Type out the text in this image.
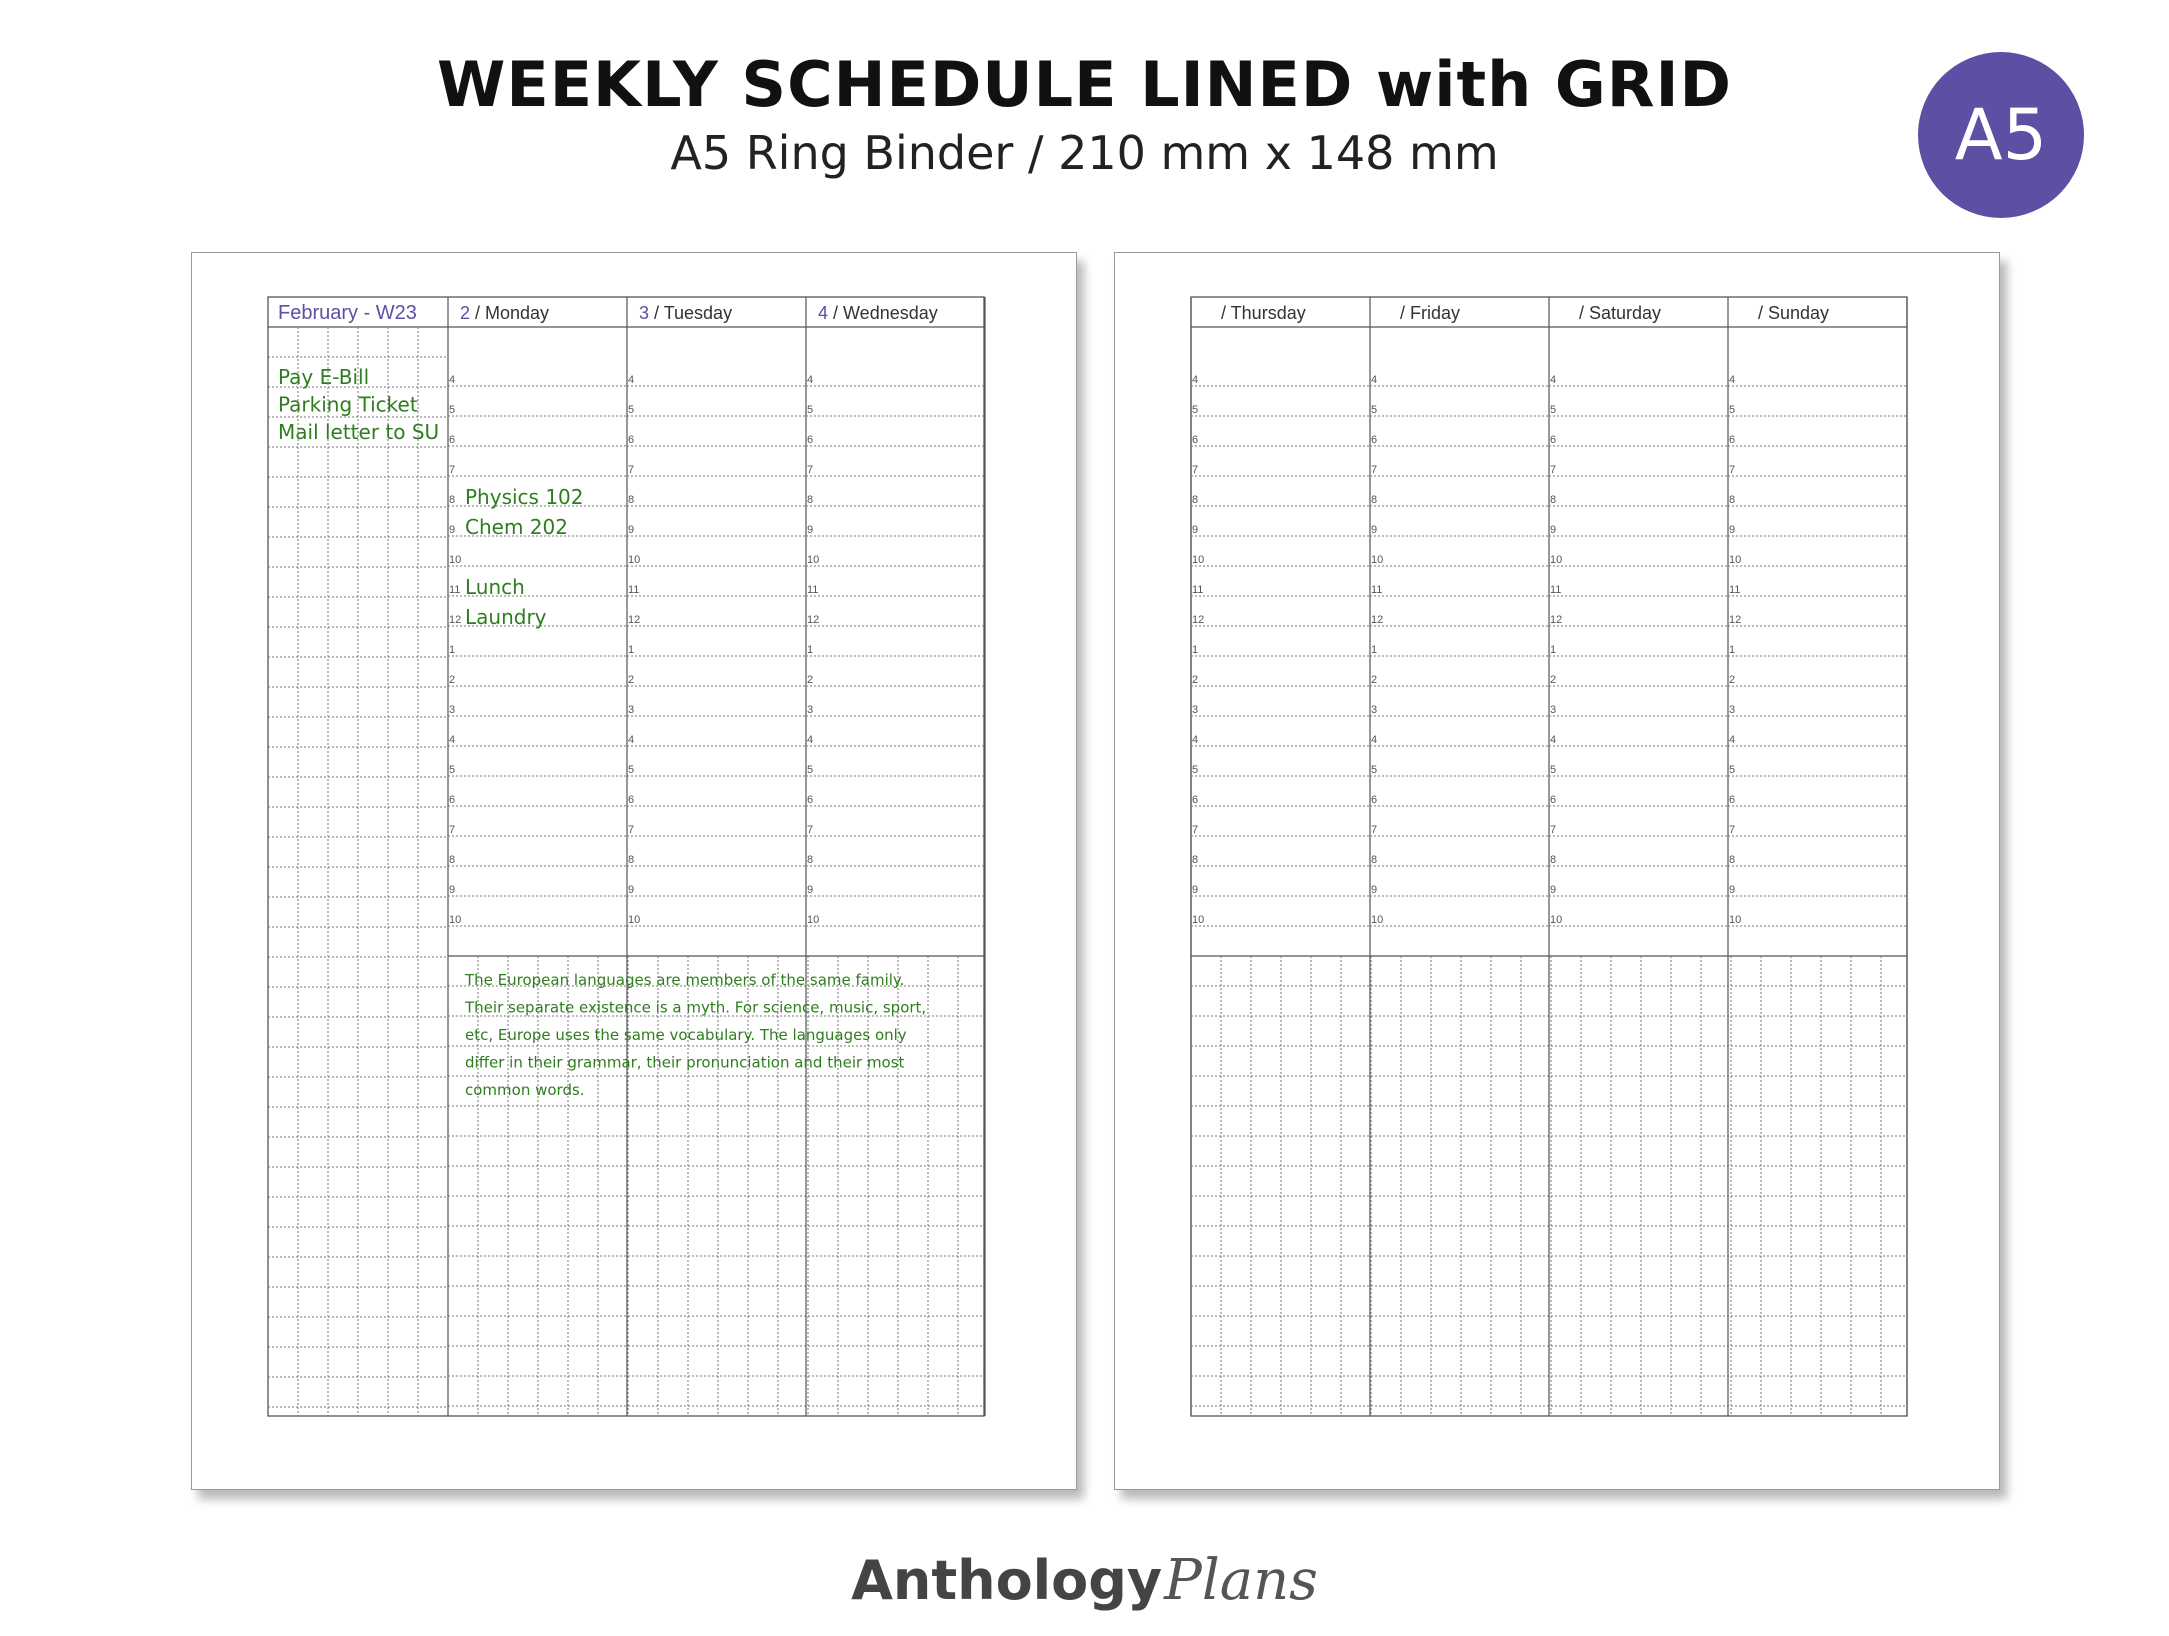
WEEKLY SCHEDULE LINED with GRID
A5 Ring Binder / 210 mm x 148 mm	A5
February - W23
Pay E-Bill
Parking Ticket
Mail letter to SU
2 / Monday
4
5
6
7
8
9
10
11
12
1
2
3
4
5
6
7
8
9
10
3 / Tuesday
4
5
6
7
8
9
10
11
12
1
2
3
4
5
6
7
8
9
10
4 / Wednesday
4
5
6
7
8
9
10
11
12
1
2
3
4
5
6
7
8
9
10
Physics 102
Chem 202
Lunch
Laundry
The European languages are members of the same family.
Their separate existence is a myth. For science, music, sport,
etc, Europe uses the same vocabulary. The languages only
differ in their grammar, their pronunciation and their most
common words.
/ Thursday
4
5
6
7
8
9
10
11
12
1
2
3
4
5
6
7
8
9
10
/ Friday
4
5
6
7
8
9
10
11
12
1
2
3
4
5
6
7
8
9
10
/ Saturday
4
5
6
7
8
9
10
11
12
1
2
3
4
5
6
7
8
9
10
/ Sunday
4
5
6
7
8
9
10
11
12
1
2
3
4
5
6
7
8
9
10
AnthologyPlans
